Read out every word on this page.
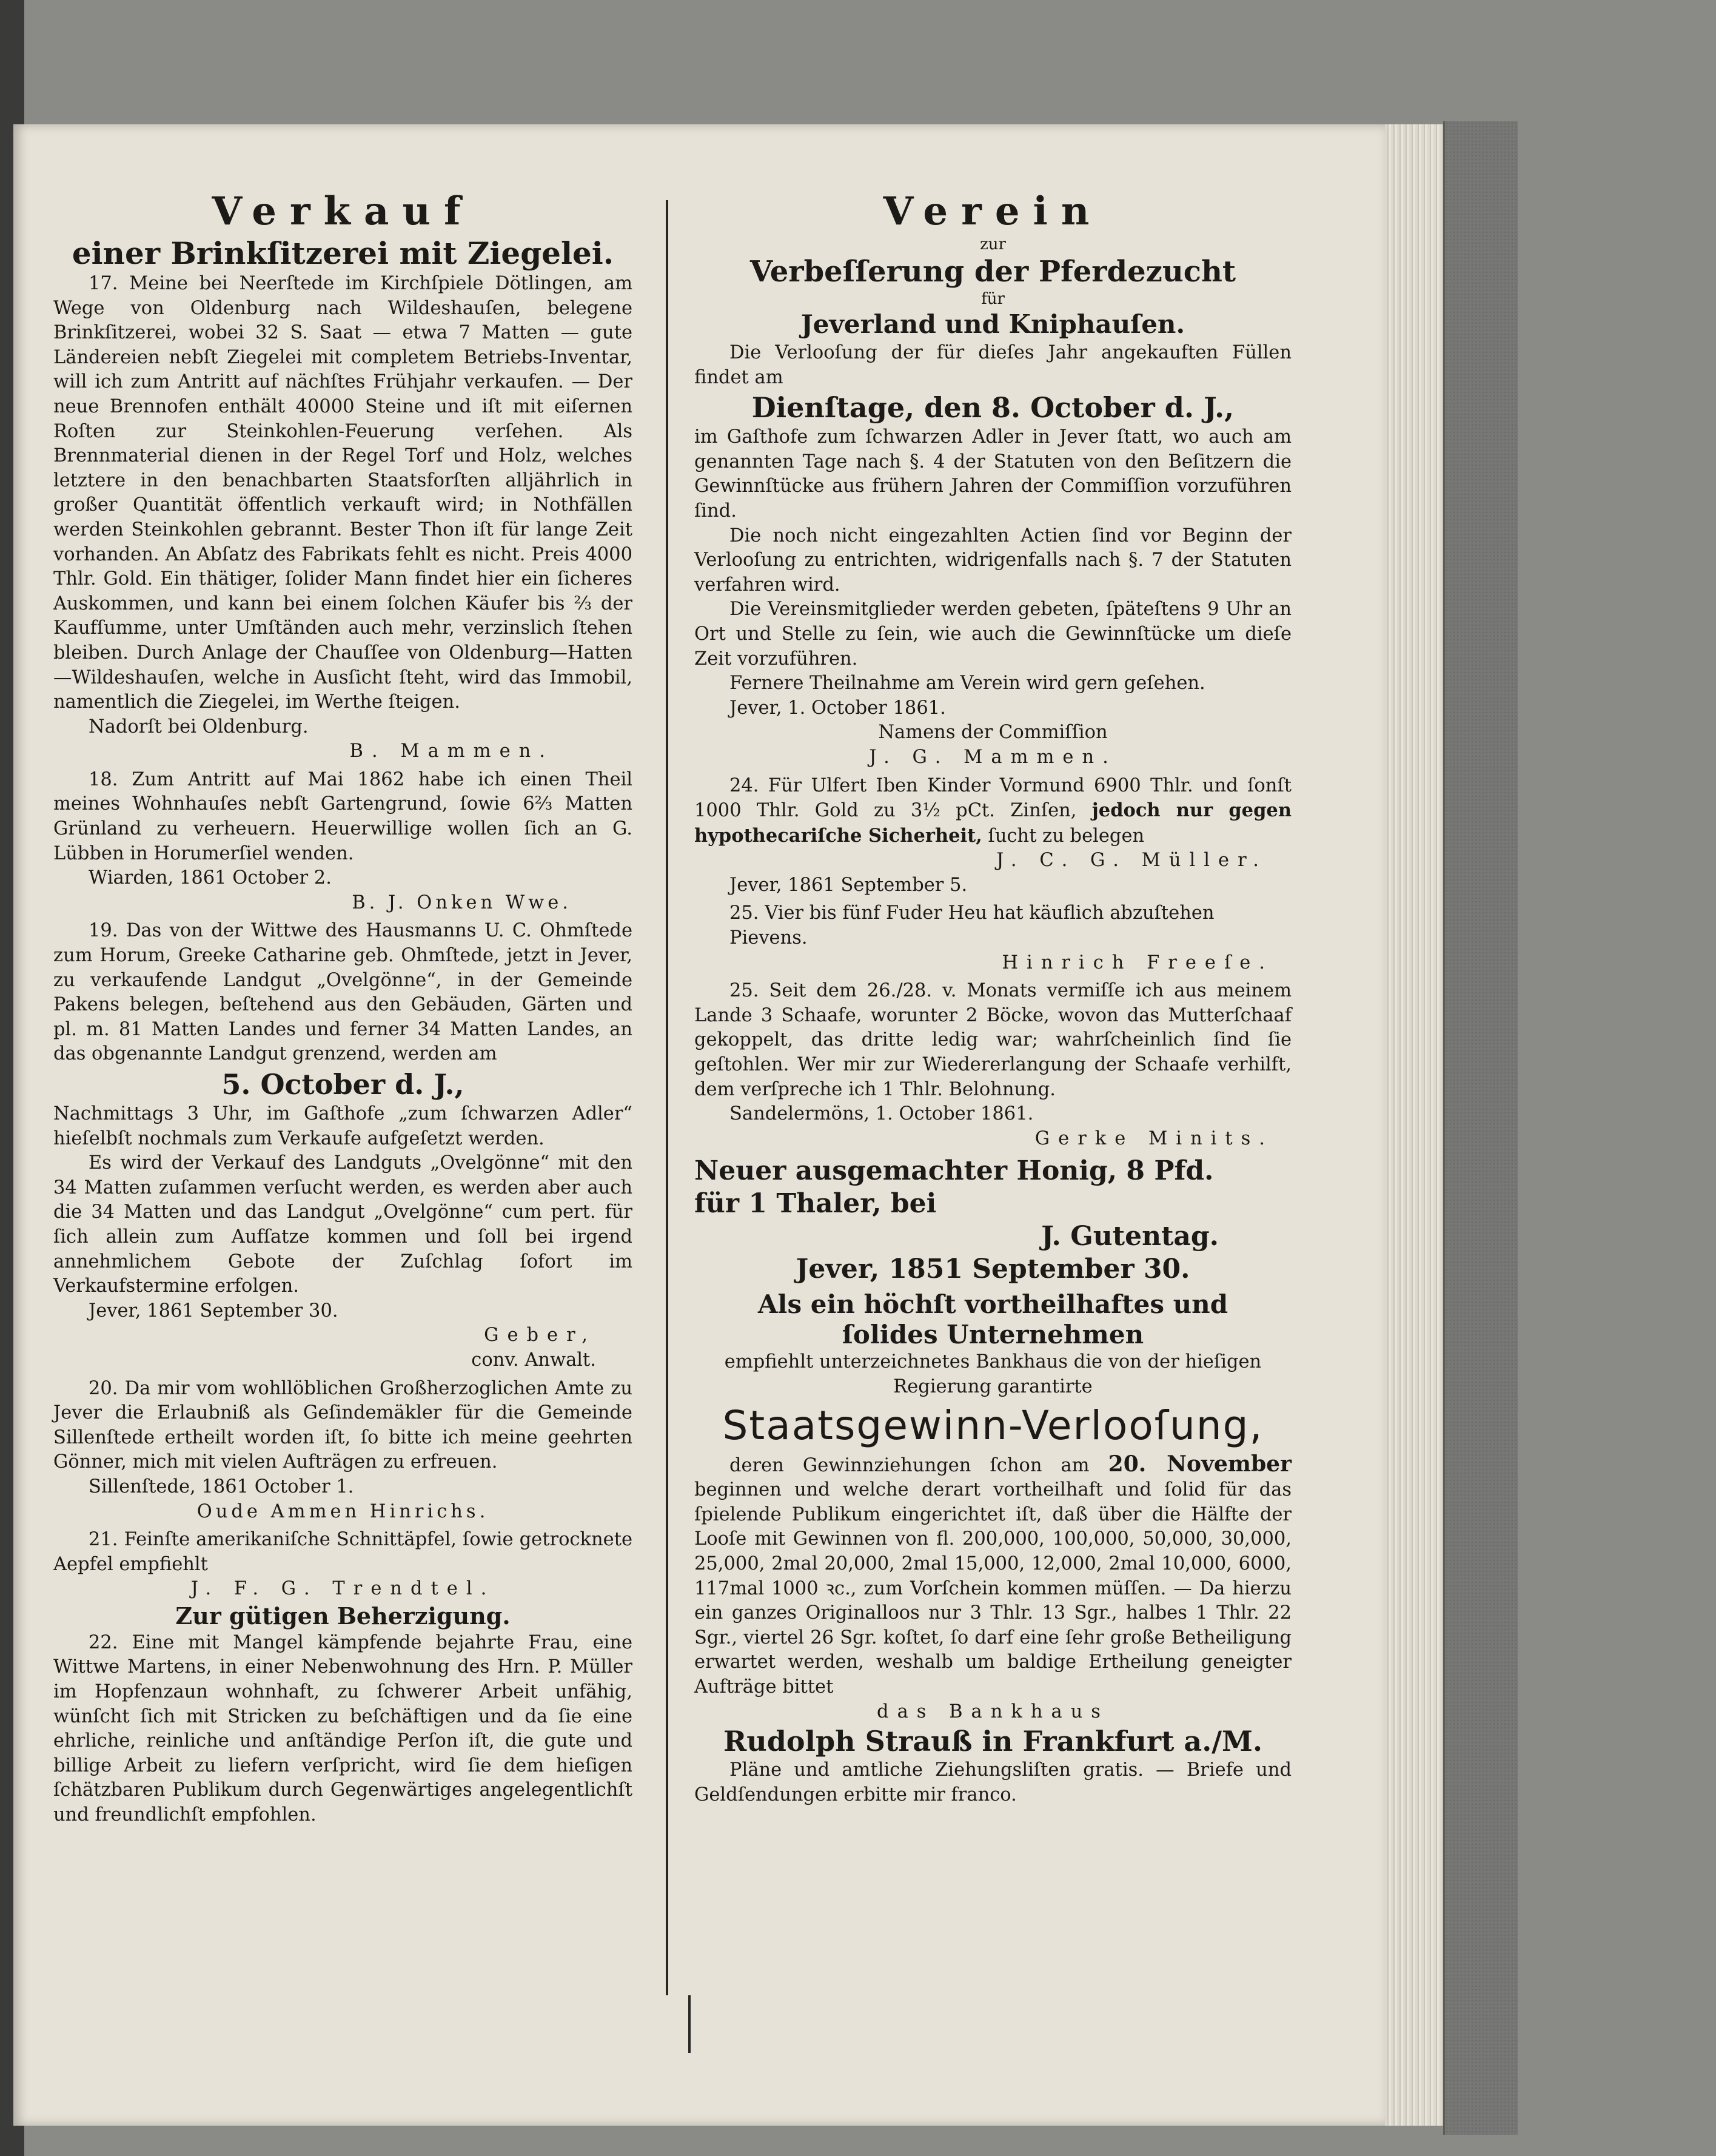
Verkauf
einer Brinkſitzerei mit Ziegelei.

17. Meine bei Neerſtede im Kirchſpiele Dötlingen, am Wege von Oldenburg nach Wildeshauſen, belegene Brinkſitzerei, wobei 32 S. Saat — etwa 7 Matten — gute Ländereien nebſt Ziegelei mit completem Betriebs-Inventar, will ich zum Antritt auf nächſtes Frühjahr verkaufen. — Der neue Brennofen enthält 40000 Steine und iſt mit eiſernen Roſten zur Steinkohlen-Feuerung verſehen. Als Brennmaterial dienen in der Regel Torf und Holz, welches letztere in den benachbarten Staatsforſten alljährlich in großer Quantität öffentlich verkauft wird; in Nothfällen werden Steinkohlen gebrannt. Bester Thon iſt für lange Zeit vorhanden. An Abſatz des Fabrikats fehlt es nicht. Preis 4000 Thlr. Gold. Ein thätiger, ſolider Mann findet hier ein ſicheres Auskommen, und kann bei einem ſolchen Käufer bis ⅔ der Kaufſumme, unter Umſtänden auch mehr, verzinslich ſtehen bleiben. Durch Anlage der Chauſſee von Oldenburg—Hatten—Wildeshauſen, welche in Ausſicht ſteht, wird das Immobil, namentlich die Ziegelei, im Werthe ſteigen.

Nadorſt bei Oldenburg.

B. Mammen.

18. Zum Antritt auf Mai 1862 habe ich einen Theil meines Wohnhauſes nebſt Gartengrund, ſowie 6⅔ Matten Grünland zu verheuern. Heuerwillige wollen ſich an G. Lübben in Horumerſiel wenden.

Wiarden, 1861 October 2.

B. J. Onken Wwe.

19. Das von der Wittwe des Hausmanns U. C. Ohmſtede zum Horum, Greeke Catharine geb. Ohmſtede, jetzt in Jever, zu verkaufende Landgut „Ovelgönne“, in der Gemeinde Pakens belegen, beſtehend aus den Gebäuden, Gärten und pl. m. 81 Matten Landes und ferner 34 Matten Landes, an das obgenannte Landgut grenzend, werden am

5. October d. J.,

Nachmittags 3 Uhr, im Gaſthofe „zum ſchwarzen Adler“ hieſelbſt nochmals zum Verkaufe aufgeſetzt werden.

Es wird der Verkauf des Landguts „Ovelgönne“ mit den 34 Matten zuſammen verſucht werden, es werden aber auch die 34 Matten und das Landgut „Ovelgönne“ cum pert. für ſich allein zum Aufſatze kommen und ſoll bei irgend annehmlichem Gebote der Zuſchlag ſofort im Verkaufstermine erfolgen.

Jever, 1861 September 30.

Geber,

conv. Anwalt.

20. Da mir vom wohllöblichen Großherzoglichen Amte zu Jever die Erlaubniß als Geſindemäkler für die Gemeinde Sillenſtede ertheilt worden iſt, ſo bitte ich meine geehrten Gönner, mich mit vielen Aufträgen zu erfreuen.

Sillenſtede, 1861 October 1.

Oude Ammen Hinrichs.

21. Feinſte amerikaniſche Schnittäpfel, ſowie getrocknete Aepfel empfiehlt

J. F. G. Trendtel.

Zur gütigen Beherzigung.

22. Eine mit Mangel kämpfende bejahrte Frau, eine Wittwe Martens, in einer Nebenwohnung des Hrn. P. Müller im Hopfenzaun wohnhaft, zu ſchwerer Arbeit unfähig, wünſcht ſich mit Stricken zu beſchäftigen und da ſie eine ehrliche, reinliche und anſtändige Perſon iſt, die gute und billige Arbeit zu liefern verſpricht, wird ſie dem hieſigen ſchätzbaren Publikum durch Gegenwärtiges angelegentlichſt und freundlichſt empfohlen.

Verein
zur
Verbeſſerung der Pferdezucht
für
Jeverland und Kniphauſen.

Die Verlooſung der für dieſes Jahr angekauften Füllen findet am

Dienſtage, den 8. October d. J.,

im Gaſthofe zum ſchwarzen Adler in Jever ſtatt, wo auch am genannten Tage nach §. 4 der Statuten von den Beſitzern die Gewinnſtücke aus frühern Jahren der Commiſſion vorzuführen ſind.

Die noch nicht eingezahlten Actien ſind vor Beginn der Verlooſung zu entrichten, widrigenfalls nach §. 7 der Statuten verfahren wird.

Die Vereinsmitglieder werden gebeten, ſpäteſtens 9 Uhr an Ort und Stelle zu ſein, wie auch die Gewinnſtücke um dieſe Zeit vorzuführen.

Fernere Theilnahme am Verein wird gern geſehen.

Jever, 1. October 1861.

Namens der Commiſſion

J. G. Mammen.

24. Für Ulfert Iben Kinder Vormund 6900 Thlr. und ſonſt 1000 Thlr. Gold zu 3½ pCt. Zinſen, jedoch nur gegen hypothecariſche Sicherheit, ſucht zu belegen

J. C. G. Müller.

Jever, 1861 September 5.

25. Vier bis fünf Fuder Heu hat käuflich abzuſtehen

Pievens.

Hinrich Freeſe.

25. Seit dem 26./28. v. Monats vermiſſe ich aus meinem Lande 3 Schaafe, worunter 2 Böcke, wovon das Mutterſchaaf gekoppelt, das dritte ledig war; wahrſcheinlich ſind ſie geſtohlen. Wer mir zur Wiedererlangung der Schaafe verhilft, dem verſpreche ich 1 Thlr. Belohnung.

Sandelermöns, 1. October 1861.

Gerke Minits.

Neuer ausgemachter Honig, 8 Pfd.

für 1 Thaler, bei

J. Gutentag.

Jever, 1851 September 30.

Als ein höchſt vortheilhaftes und

ſolides Unternehmen

empfiehlt unterzeichnetes Bankhaus die von der hieſigen

Regierung garantirte

Staatsgewinn-Verlooſung,

deren Gewinnziehungen ſchon am 20. November beginnen und welche derart vortheilhaft und ſolid für das ſpielende Publikum eingerichtet iſt, daß über die Hälfte der Looſe mit Gewinnen von fl. 200,000, 100,000, 50,000, 30,000, 25,000, 2mal 20,000, 2mal 15,000, 12,000, 2mal 10,000, 6000, 117mal 1000 ꝛc., zum Vorſchein kommen müſſen. — Da hierzu ein ganzes Originalloos nur 3 Thlr. 13 Sgr., halbes 1 Thlr. 22 Sgr., viertel 26 Sgr. koſtet, ſo darf eine ſehr große Betheiligung erwartet werden, weshalb um baldige Ertheilung geneigter Aufträge bittet

das Bankhaus

Rudolph Strauß in Frankfurt a./M.

Pläne und amtliche Ziehungsliſten gratis. — Briefe und Geldſendungen erbitte mir franco.
